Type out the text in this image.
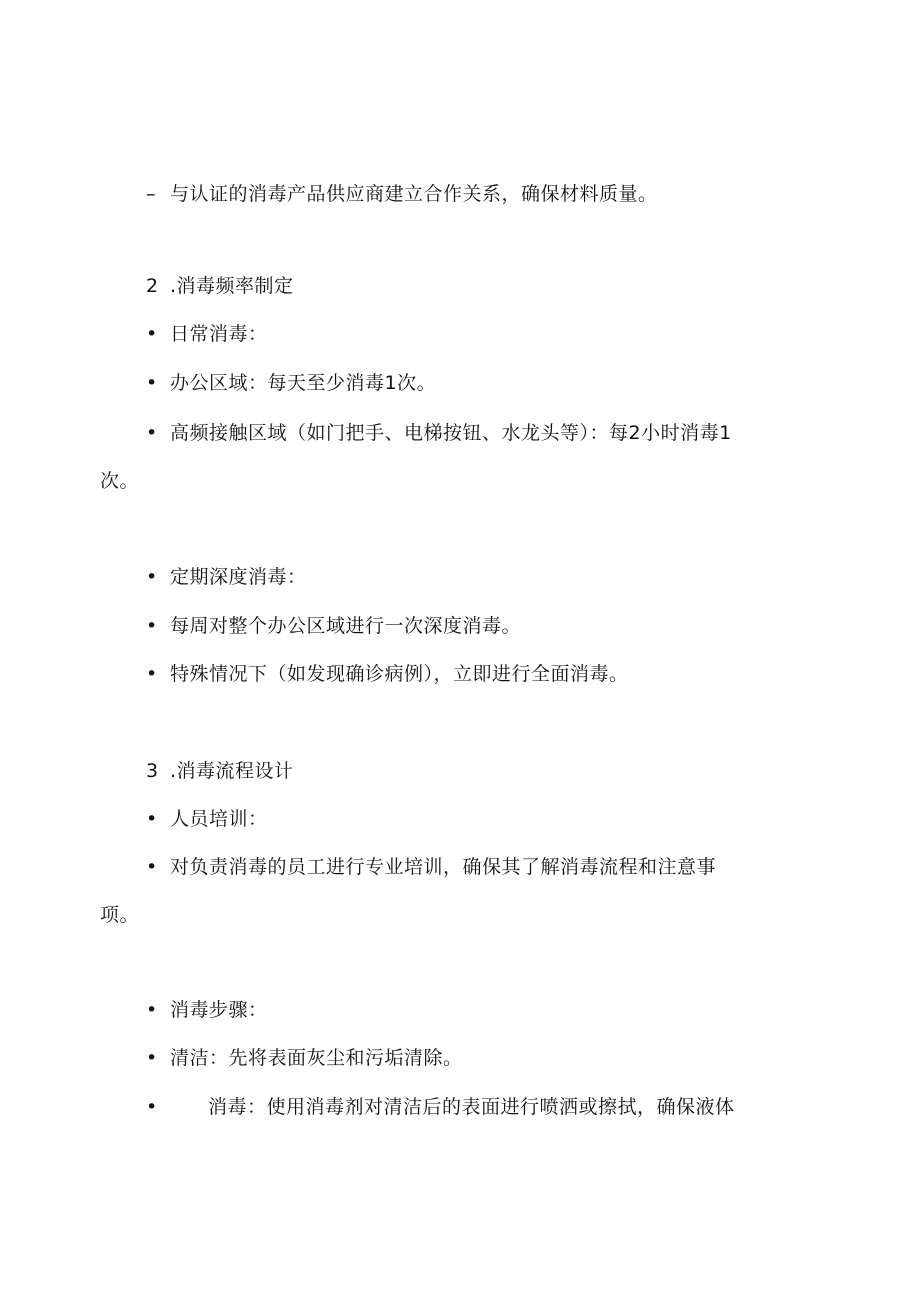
– 与认证的消毒产品供应商建立合作关系，确保材料质量。
2 .消毒频率制定
• 日常消毒：
• 办公区域：每天至少消毒1次。
• 高频接触区域（如门把手、电梯按钮、水龙头等）：每2小时消毒1
次。
• 定期深度消毒：
• 每周对整个办公区域进行一次深度消毒。
• 特殊情况下（如发现确诊病例），立即进行全面消毒。
3 .消毒流程设计
• 人员培训：
• 对负责消毒的员工进行专业培训，确保其了解消毒流程和注意事
项。
• 消毒步骤：
• 清洁：先将表面灰尘和污垢清除。
•	消毒：使用消毒剂对清洁后的表面进行喷洒或擦拭，确保液体
